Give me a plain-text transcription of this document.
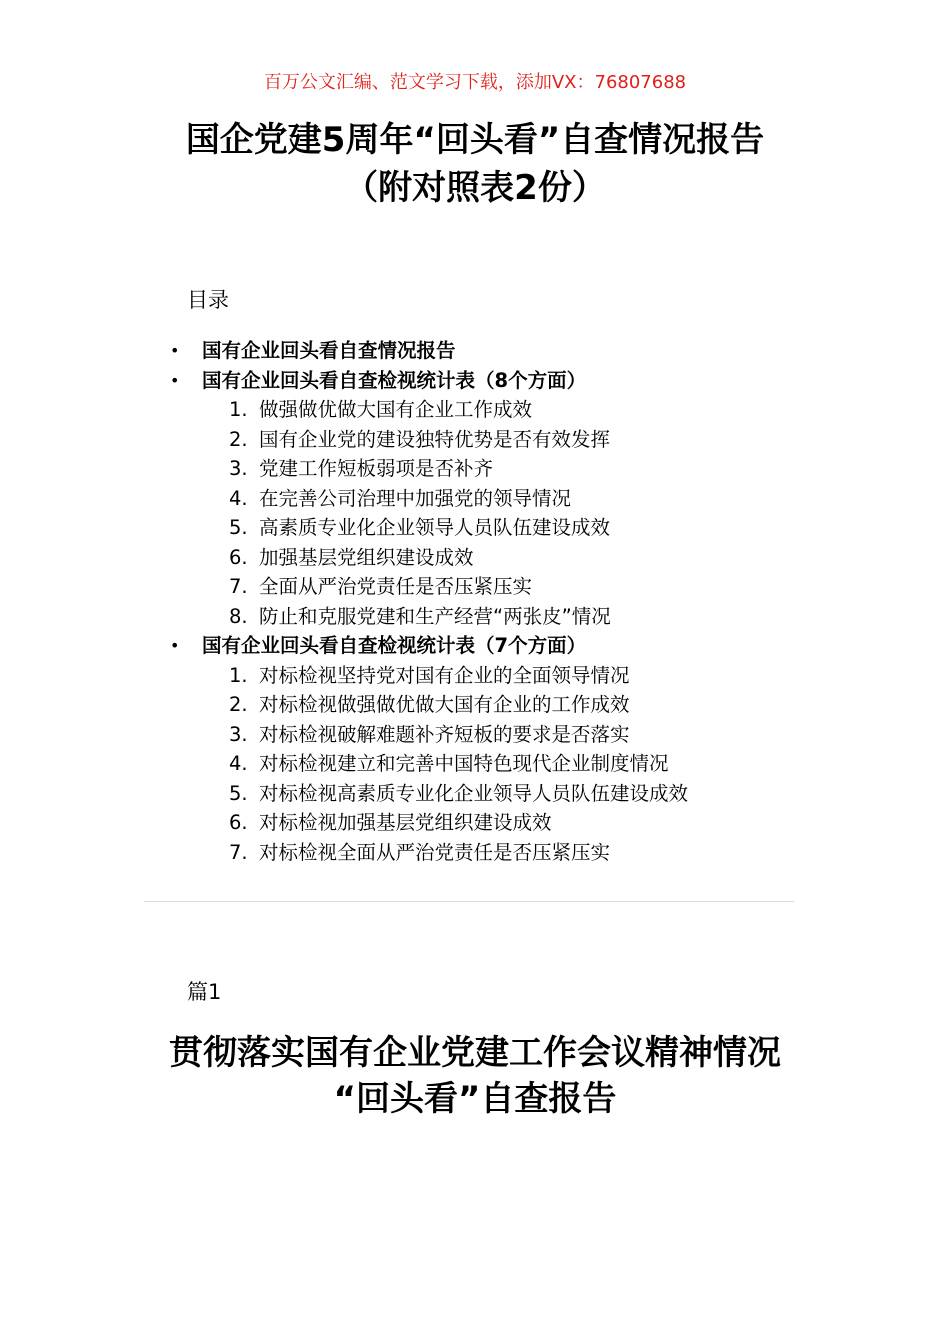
百万公文汇编、范文学习下载，添加VX：76807688
国企党建5周年“回头看”自查情况报告
（附对照表2份）
目录
• 国有企业回头看自查情况报告
• 国有企业回头看自查检视统计表（8个方面）
1. 做强做优做大国有企业工作成效
2. 国有企业党的建设独特优势是否有效发挥
3. 党建工作短板弱项是否补齐
4. 在完善公司治理中加强党的领导情况
5. 高素质专业化企业领导人员队伍建设成效
6. 加强基层党组织建设成效
7. 全面从严治党责任是否压紧压实
8. 防止和克服党建和生产经营“两张皮”情况
• 国有企业回头看自查检视统计表（7个方面）
1. 对标检视坚持党对国有企业的全面领导情况
2. 对标检视做强做优做大国有企业的工作成效
3. 对标检视破解难题补齐短板的要求是否落实
4. 对标检视建立和完善中国特色现代企业制度情况
5. 对标检视高素质专业化企业领导人员队伍建设成效
6. 对标检视加强基层党组织建设成效
7. 对标检视全面从严治党责任是否压紧压实
篇1
贯彻落实国有企业党建工作会议精神情况
“回头看”自查报告
